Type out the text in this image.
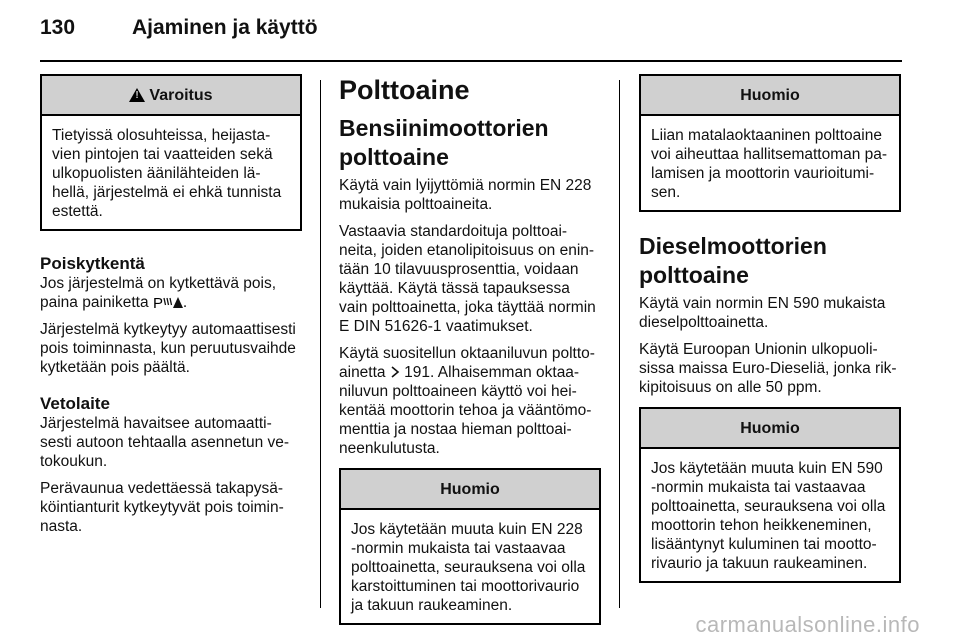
130	Ajaminen ja käyttö
!
Varoitus
Tietyissä olosuhteissa, heijasta-
vien pintojen tai vaatteiden sekä
ulkopuolisten äänilähteiden lä-
hellä, järjestelmä ei ehkä tunnista
estettä.
Poiskytkentä

Jos järjestelmä on kytkettävä pois,
paina painiketta P .

Järjestelmä kytkeytyy automaattisesti
pois toiminnasta, kun peruutusvaihde
kytketään pois päältä.

Vetolaite

Järjestelmä havaitsee automaatti-
sesti autoon tehtaalla asennetun ve-
tokoukun.

Perävaunua vedettäessä takapysä-
köintianturit kytkeytyvät pois toimin-
nasta.

Polttoaine
Bensiinimoottorien
polttoaine

Käytä vain lyijyttömiä normin EN 228
mukaisia polttoaineita.

Vastaavia standardoituja polttoai-
neita, joiden etanolipitoisuus on enin-
tään 10 tilavuusprosenttia, voidaan
käyttää. Käytä tässä tapauksessa
vain polttoainetta, joka täyttää normin
E DIN 51626-1 vaatimukset.

Käytä suositellun oktaaniluvun poltto-
ainetta  191. Alhaisemman oktaa-
niluvun polttoaineen käyttö voi hei-
kentää moottorin tehoa ja vääntömo-
menttia ja nostaa hieman polttoai-
neenkulutusta.

Huomio
Jos käytetään muuta kuin EN 228
-normin mukaista tai vastaavaa
polttoainetta, seurauksena voi olla
karstoittuminen tai moottorivaurio
ja takuun raukeaminen.
Huomio
Liian matalaoktaaninen polttoaine
voi aiheuttaa hallitsemattoman pa-
lamisen ja moottorin vaurioitumi-
sen.
Dieselmoottorien
polttoaine

Käytä vain normin EN 590 mukaista
dieselpolttoainetta.

Käytä Euroopan Unionin ulkopuoli-
sissa maissa Euro-Dieseliä, jonka rik-
kipitoisuus on alle 50 ppm.

Huomio
Jos käytetään muuta kuin EN 590
-normin mukaista tai vastaavaa
polttoainetta, seurauksena voi olla
moottorin tehon heikkeneminen,
lisääntynyt kuluminen tai mootto-
rivaurio ja takuun raukeaminen.
carmanualsonline.info
